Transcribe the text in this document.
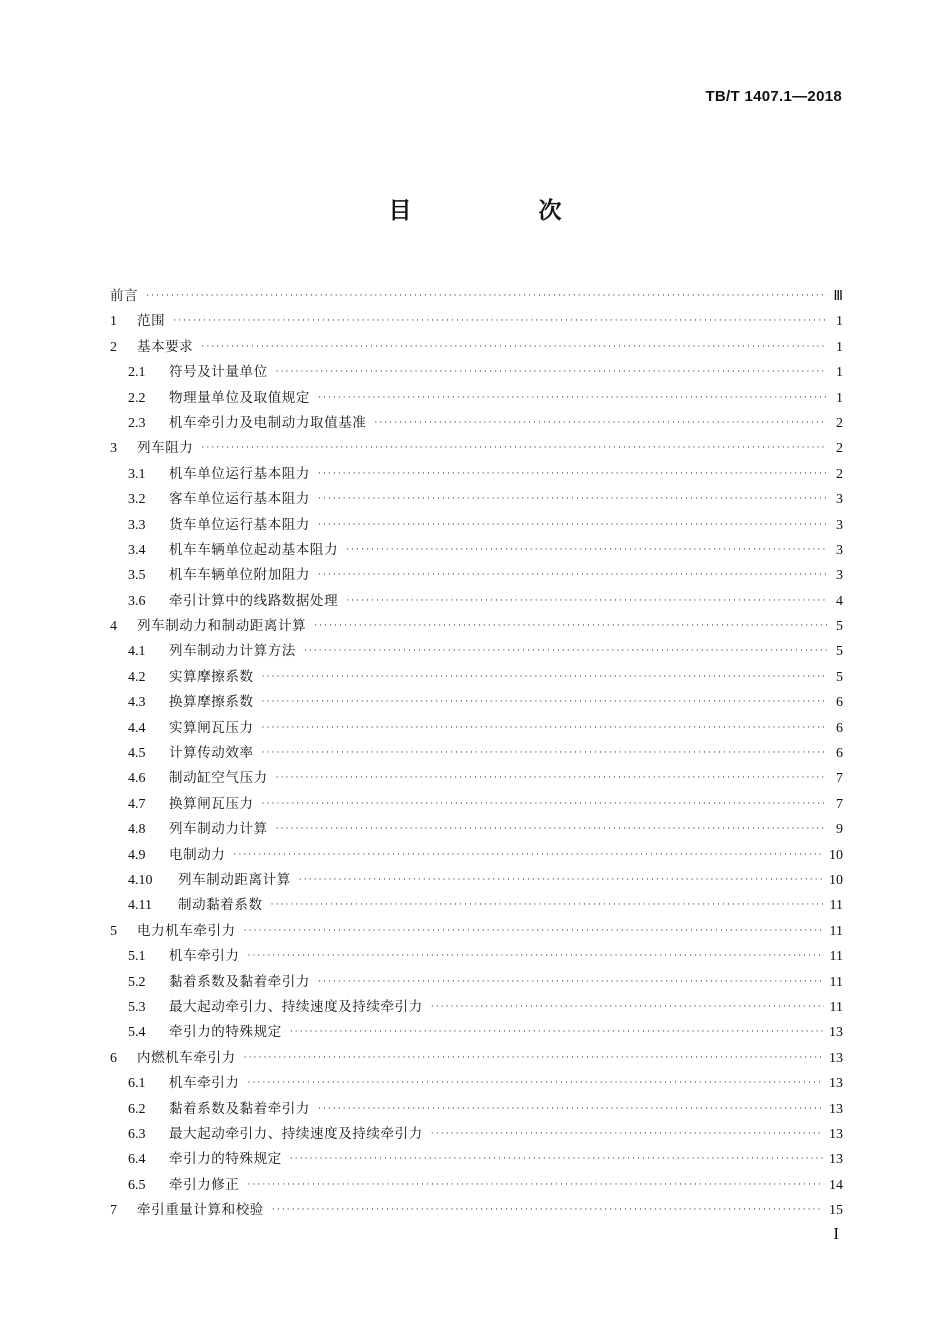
TB/T 1407.1—2018
目　次
前言 ·····	Ⅲ
1	范围 ·····	1
2	基本要求 ·····	1
2.1	符号及计量单位 ·····	1
2.2	物理量单位及取值规定 ·····	1
2.3	机车牵引力及电制动力取值基准 ·····	2
3	列车阻力 ·····	2
3.1	机车单位运行基本阻力 ·····	2
3.2	客车单位运行基本阻力 ·····	3
3.3	货车单位运行基本阻力 ·····	3
3.4	机车车辆单位起动基本阻力 ·····	3
3.5	机车车辆单位附加阻力 ·····	3
3.6	牵引计算中的线路数据处理 ·····	4
4	列车制动力和制动距离计算 ·····	5
4.1	列车制动力计算方法 ·····	5
4.2	实算摩擦系数 ·····	5
4.3	换算摩擦系数 ·····	6
4.4	实算闸瓦压力 ·····	6
4.5	计算传动效率 ·····	6
4.6	制动缸空气压力 ·····	7
4.7	换算闸瓦压力 ·····	7
4.8	列车制动力计算 ·····	9
4.9	电制动力 ·····	10
4.10	列车制动距离计算 ·····	10
4.11	制动黏着系数 ·····	11
5	电力机车牵引力 ·····	11
5.1	机车牵引力 ·····	11
5.2	黏着系数及黏着牵引力 ·····	11
5.3	最大起动牵引力、持续速度及持续牵引力 ·····	11
5.4	牵引力的特殊规定 ·····	13
6	内燃机车牵引力 ·····	13
6.1	机车牵引力 ·····	13
6.2	黏着系数及黏着牵引力 ·····	13
6.3	最大起动牵引力、持续速度及持续牵引力 ·····	13
6.4	牵引力的特殊规定 ·····	13
6.5	牵引力修正 ·····	14
7	牵引重量计算和校验 ·····	15
I
